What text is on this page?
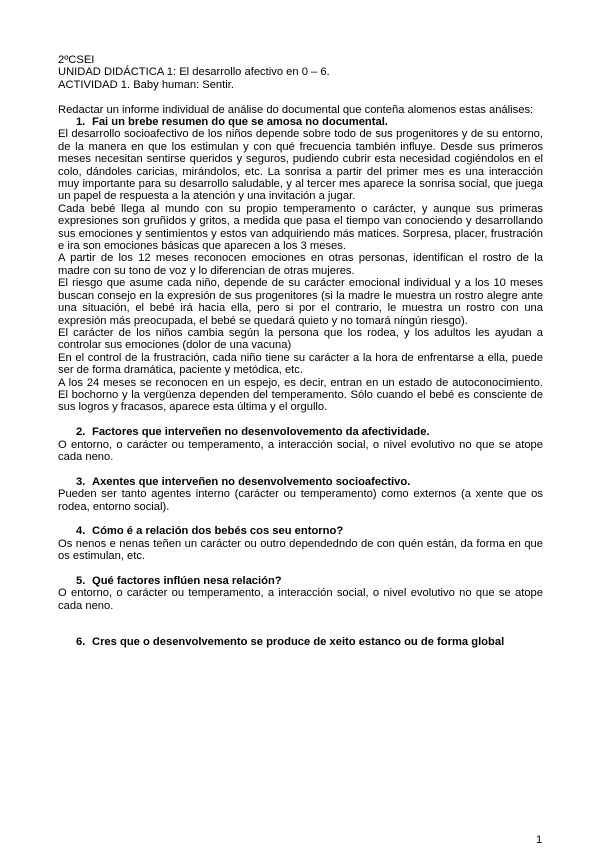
2ºCSEI

UNIDAD DIDÁCTICA 1: El desarrollo afectivo en 0 – 6.

ACTIVIDAD 1. Baby human: Sentir.

Redactar un informe individual de análise do documental que conteña alomenos estas análises:

1. Fai un brebe resumen do que se amosa no documental.

El desarrollo socioafectivo de los niños depende sobre todo de sus progenitores y de su entorno, de la manera en que los estimulan y con qué frecuencia también influye. Desde sus primeros meses necesitan sentirse queridos y seguros, pudiendo cubrir esta necesidad cogiéndolos en el colo, dándoles caricias, mirándolos, etc. La sonrisa a partir del primer mes es una interacción muy importante para su desarrollo saludable, y al tercer mes aparece la sonrisa social, que juega un papel de respuesta a la atención y una invitación a jugar.

Cada bebé llega al mundo con su propio temperamento o carácter, y aunque sus primeras expresiones son gruñidos y gritos, a medida que pasa el tiempo van conociendo y desarrollando sus emociones y sentimientos y estos van adquiriendo más matices. Sorpresa, placer, frustración e ira son emociones básicas que aparecen a los 3 meses.

A partir de los 12 meses reconocen emociones en otras personas, identifican el rostro de la madre con su tono de voz y lo diferencian de otras mujeres.

El riesgo que asume cada niño, depende de su carácter emocional individual y a los 10 meses buscan consejo en la expresión de sus progenitores (si la madre le muestra un rostro alegre ante una situación, el bebé irá hacia ella, pero si por el contrario, le muestra un rostro con una expresión más preocupada, el bebé se quedará quieto y no tomará ningún riesgo).

El carácter de los niños cambia según la persona que los rodea, y los adultos les ayudan a controlar sus emociones (dolor de una vacuna)

En el control de la frustración, cada niño tiene su carácter a la hora de enfrentarse a ella, puede ser de forma dramática, paciente y metódica, etc.

A los 24 meses se reconocen en un espejo, es decir, entran en un estado de autoconocimiento. El bochorno y la vergüenza dependen del temperamento. Sólo cuando el bebé es consciente de sus logros y fracasos, aparece esta última y el orgullo.

2. Factores que interveñen no desenvolovemento da afectividade.

O entorno, o carácter ou temperamento, a interacción social, o nivel evolutivo no que se atope cada neno.

3. Axentes que interveñen no desenvolvemento socioafectivo.

Pueden ser tanto agentes interno (carácter ou temperamento) como externos (a xente que os rodea, entorno social).

4. Cómo é a relación dos bebés cos seu entorno?

Os nenos e nenas teñen un carácter ou outro dependedndo de con quén están, da forma en que os estimulan, etc.

5. Qué factores inflúen nesa relación?

O entorno, o carácter ou temperamento, a interacción social, o nivel evolutivo no que se atope cada neno.

6. Cres que o desenvolvemento se produce de xeito estanco ou de forma global

1
